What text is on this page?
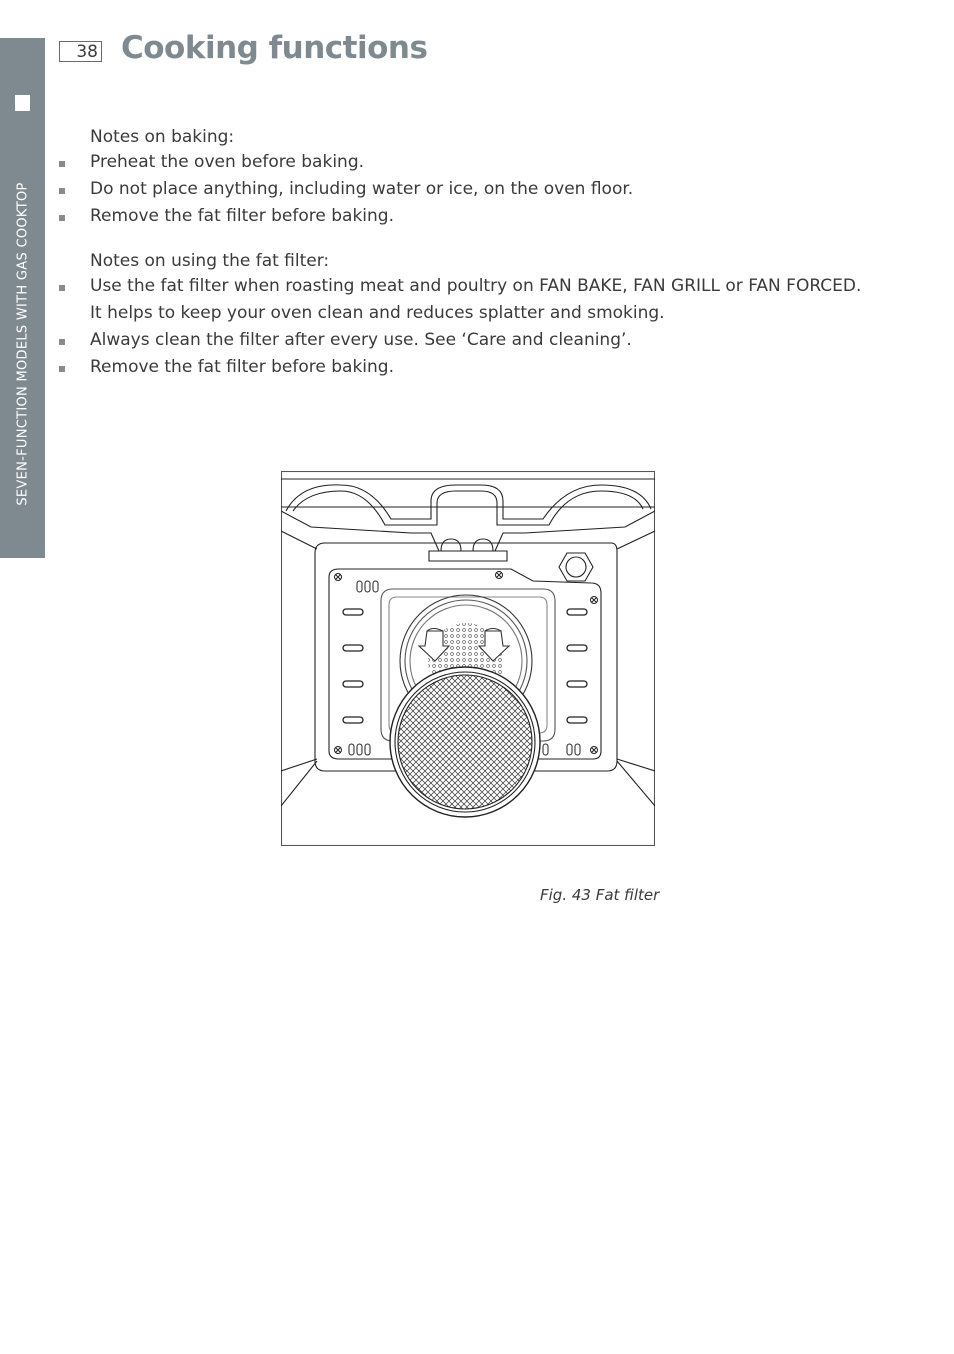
SEVEN-FUNCTION MODELS WITH GAS COOKTOP
38 Cooking functions

Notes on baking:

Preheat the oven before baking.
Do not place anything, including water or ice, on the oven floor.
Remove the fat filter before baking.

Notes on using the fat filter:

Use the fat filter when roasting meat and poultry on FAN BAKE, FAN GRILL or FAN FORCED. It helps to keep your oven clean and reduces splatter and smoking.
Always clean the filter after every use. See ‘Care and cleaning’.
Remove the fat filter before baking.
Fig. 43 Fat filter
